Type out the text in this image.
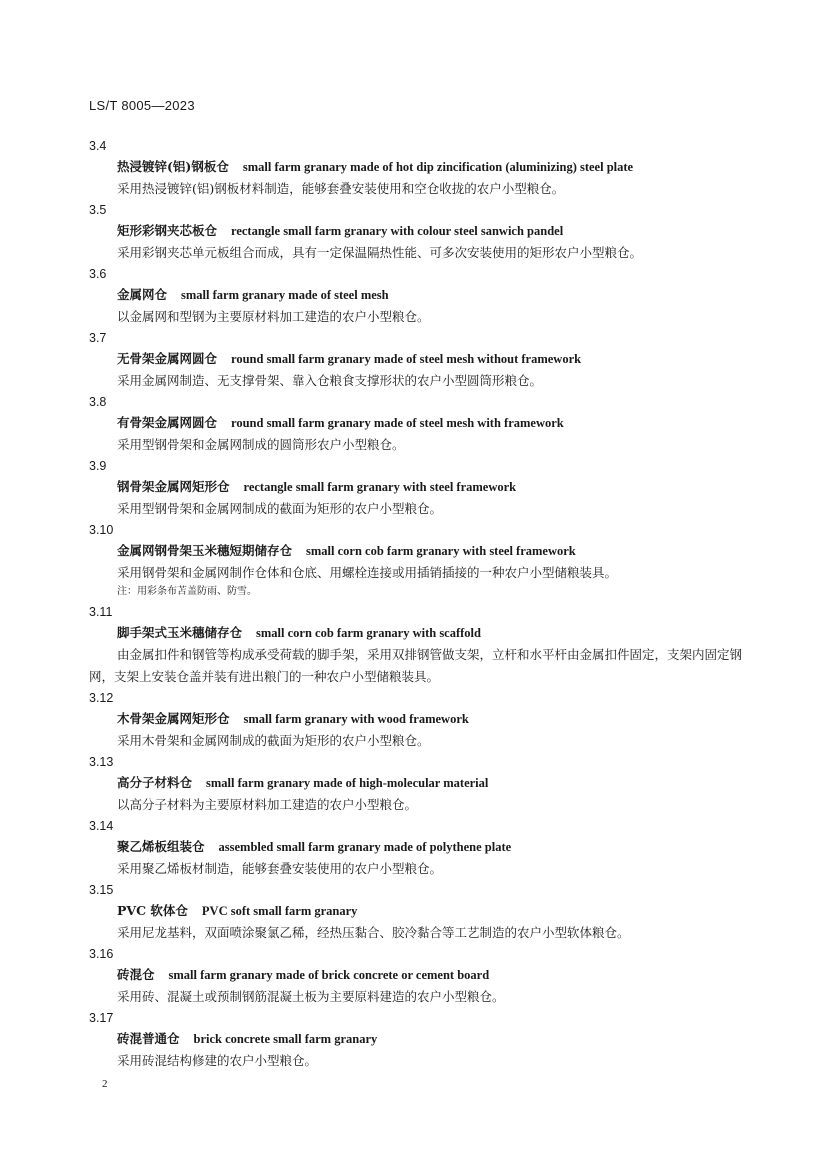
LS/T 8005—2023
3.4
热浸镀锌(铝)钢板仓 small farm granary made of hot dip zincification (aluminizing) steel plate
采用热浸镀锌(铝)钢板材料制造，能够套叠安装使用和空仓收拢的农户小型粮仓。
3.5
矩形彩钢夹芯板仓 rectangle small farm granary with colour steel sanwich pandel
采用彩钢夹芯单元板组合而成，具有一定保温隔热性能、可多次安装使用的矩形农户小型粮仓。
3.6
金属网仓 small farm granary made of steel mesh
以金属网和型钢为主要原材料加工建造的农户小型粮仓。
3.7
无骨架金属网圆仓 round small farm granary made of steel mesh without framework
采用金属网制造、无支撑骨架、靠入仓粮食支撑形状的农户小型圆筒形粮仓。
3.8
有骨架金属网圆仓 round small farm granary made of steel mesh with framework
采用型钢骨架和金属网制成的圆筒形农户小型粮仓。
3.9
钢骨架金属网矩形仓 rectangle small farm granary with steel framework
采用型钢骨架和金属网制成的截面为矩形的农户小型粮仓。
3.10
金属网钢骨架玉米穗短期储存仓 small corn cob farm granary with steel framework
采用钢骨架和金属网制作仓体和仓底、用螺栓连接或用插销插接的一种农户小型储粮装具。
注：用彩条布苫盖防雨、防雪。
3.11
脚手架式玉米穗储存仓 small corn cob farm granary with scaffold
由金属扣件和钢管等构成承受荷载的脚手架，采用双排钢管做支架，立杆和水平杆由金属扣件固定，支架内固定钢网，支架上安装仓盖并装有进出粮门的一种农户小型储粮装具。
3.12
木骨架金属网矩形仓 small farm granary with wood framework
采用木骨架和金属网制成的截面为矩形的农户小型粮仓。
3.13
高分子材料仓 small farm granary made of high-molecular material
以高分子材料为主要原材料加工建造的农户小型粮仓。
3.14
聚乙烯板组装仓 assembled small farm granary made of polythene plate
采用聚乙烯板材制造，能够套叠安装使用的农户小型粮仓。
3.15
PVC 软体仓 PVC soft small farm granary
采用尼龙基料，双面喷涂聚氯乙稀，经热压黏合、胶冷黏合等工艺制造的农户小型软体粮仓。
3.16
砖混仓 small farm granary made of brick concrete or cement board
采用砖、混凝土或预制钢筋混凝土板为主要原料建造的农户小型粮仓。
3.17
砖混普通仓 brick concrete small farm granary
采用砖混结构修建的农户小型粮仓。
2
